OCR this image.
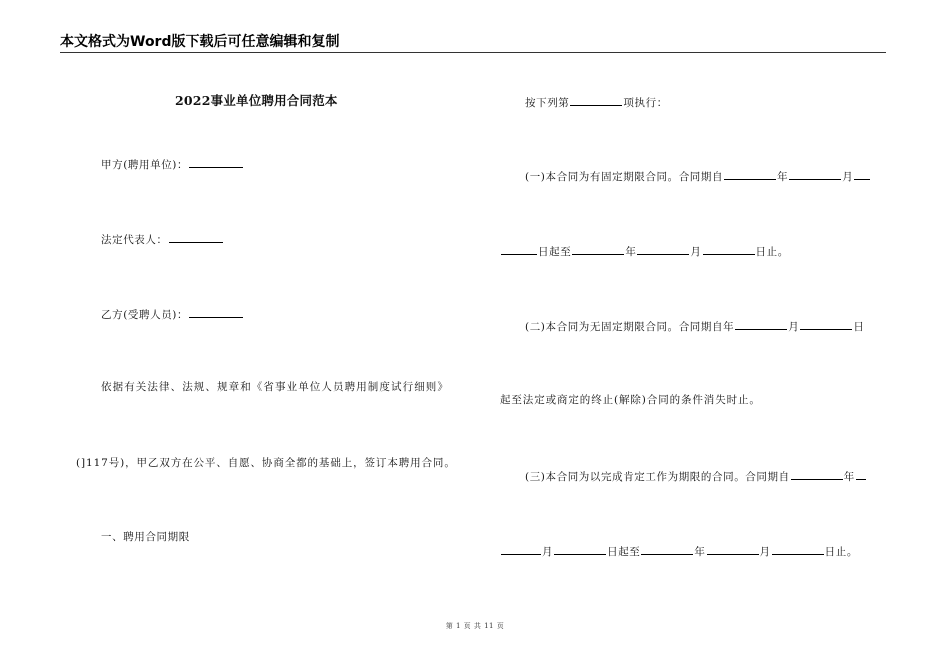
本文格式为Word版下载后可任意编辑和复制
2022事业单位聘用合同范本
甲方(聘用单位)：
法定代表人：
乙方(受聘人员)：
依据有关法律、法规、规章和《省事业单位人员聘用制度试行细则》
(]117号)，甲乙双方在公平、自愿、协商全都的基础上，签订本聘用合同。
一、聘用合同期限
按下列第	项执行：
(一)本合同为有固定期限合同。合同期自	年	月
日起至	年	月	日止。
(二)本合同为无固定期限合同。合同期自年	月	日
起至法定或商定的终止(解除)合同的条件消失时止。
(三)本合同为以完成肯定工作为期限的合同。合同期自	年
月	日起至	年	月	日止。
第 1 页 共 11 页
